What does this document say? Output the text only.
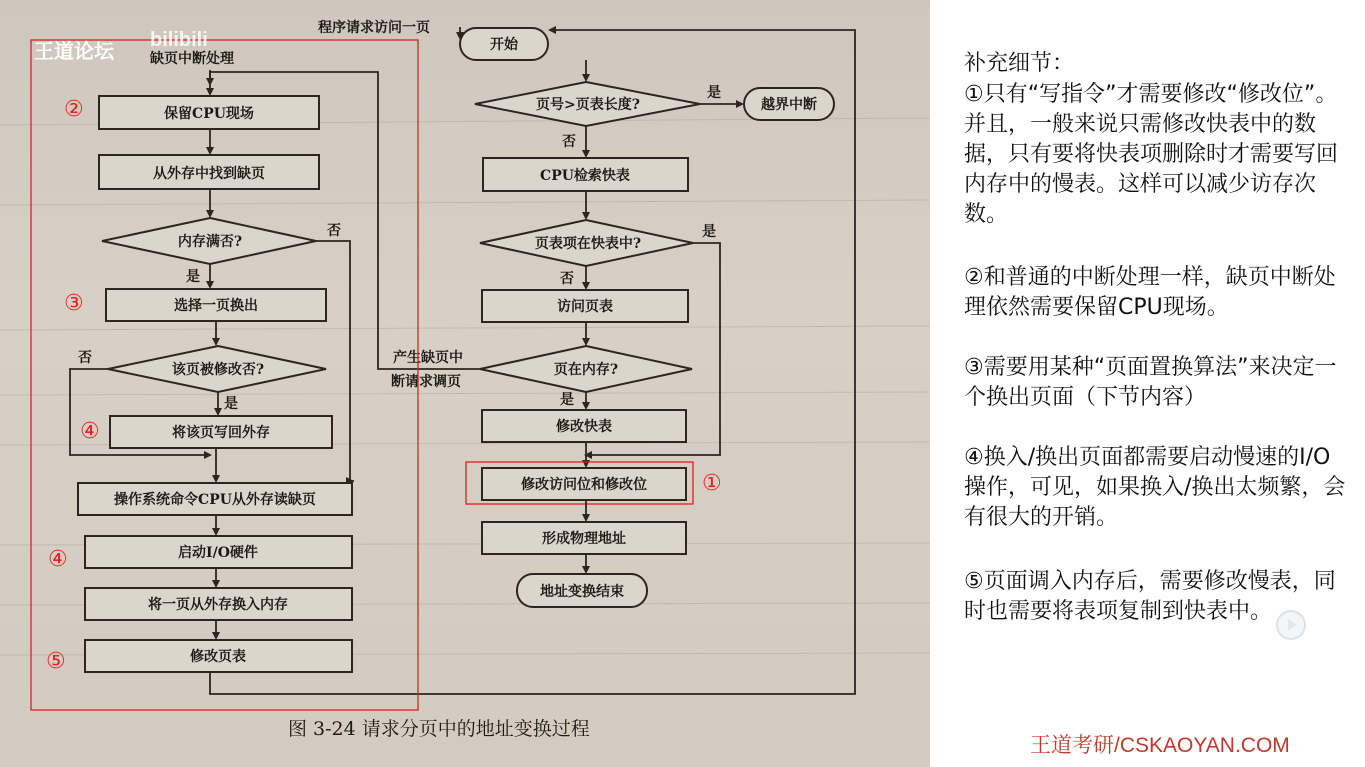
程序请求访问一页
开始
页号>页表长度?
是
越界中断
否
CPU检索快表
页表项在快表中?
是
否
访问页表
页在内存?
是
修改快表
修改访问位和修改位
形成物理地址
地址变换结束
产生缺页中
断请求调页
缺页中断处理
保留CPU现场
从外存中找到缺页
内存满否?
否
是
选择一页换出
该页被修改否?
否
是
将该页写回外存
操作系统命令CPU从外存读缺页
启动I/O硬件
将一页从外存换入内存
修改页表
①
②
③
④
④
⑤
图 3-24 请求分页中的地址变换过程
王道论坛
bilibili
补充细节：
①只有“写指令”才需要修改“修改位”。并且，一般来说只需修改快表中的数据，只有要将快表项删除时才需要写回内存中的慢表。这样可以减少访存次数。
②和普通的中断处理一样，缺页中断处理依然需要保留CPU现场。
③需要用某种“页面置换算法”来决定一个换出页面（下节内容）
④换入/换出页面都需要启动慢速的I/O操作，可见，如果换入/换出太频繁，会有很大的开销。
⑤页面调入内存后，需要修改慢表，同时也需要将表项复制到快表中。
王道考研/CSKAOYAN.COM
